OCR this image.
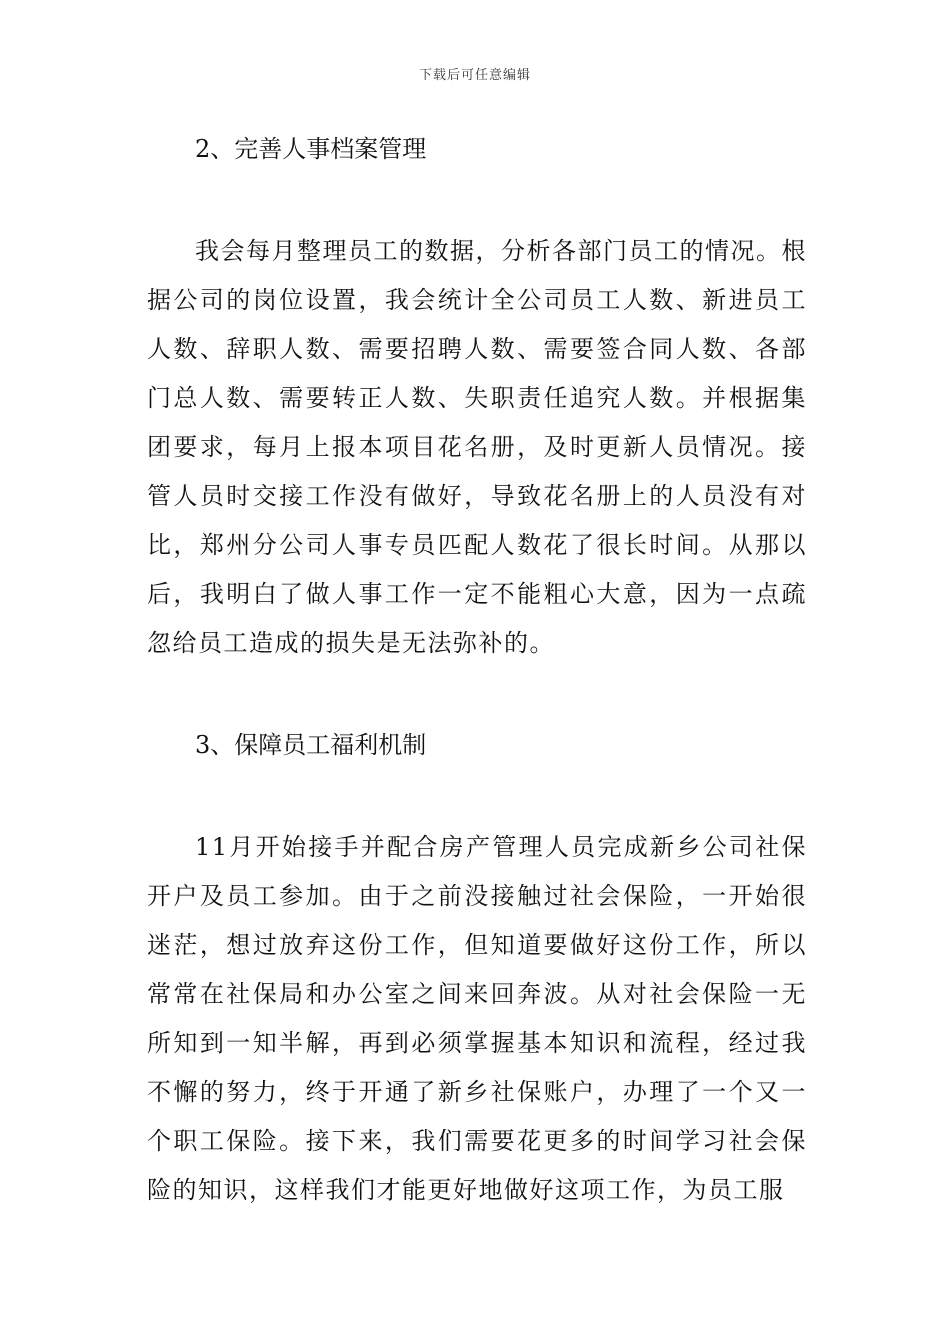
下载后可任意编辑
2、完善人事档案管理

我会每月整理员工的数据，分析各部门员工的情况。根据公司的岗位设置，我会统计全公司员工人数、新进员工人数、辞职人数、需要招聘人数、需要签合同人数、各部门总人数、需要转正人数、失职责任追究人数。并根据集团要求，每月上报本项目花名册，及时更新人员情况。接管人员时交接工作没有做好，导致花名册上的人员没有对比，郑州分公司人事专员匹配人数花了很长时间。从那以后，我明白了做人事工作一定不能粗心大意，因为一点疏忽给员工造成的损失是无法弥补的。

3、保障员工福利机制

11月开始接手并配合房产管理人员完成新乡公司社保开户及员工参加。由于之前没接触过社会保险，一开始很迷茫，想过放弃这份工作，但知道要做好这份工作，所以常常在社保局和办公室之间来回奔波。从对社会保险一无所知到一知半解，再到必须掌握基本知识和流程，经过我不懈的努力，终于开通了新乡社保账户，办理了一个又一个职工保险。接下来，我们需要花更多的时间学习社会保险的知识，这样我们才能更好地做好这项工作，为员工服
